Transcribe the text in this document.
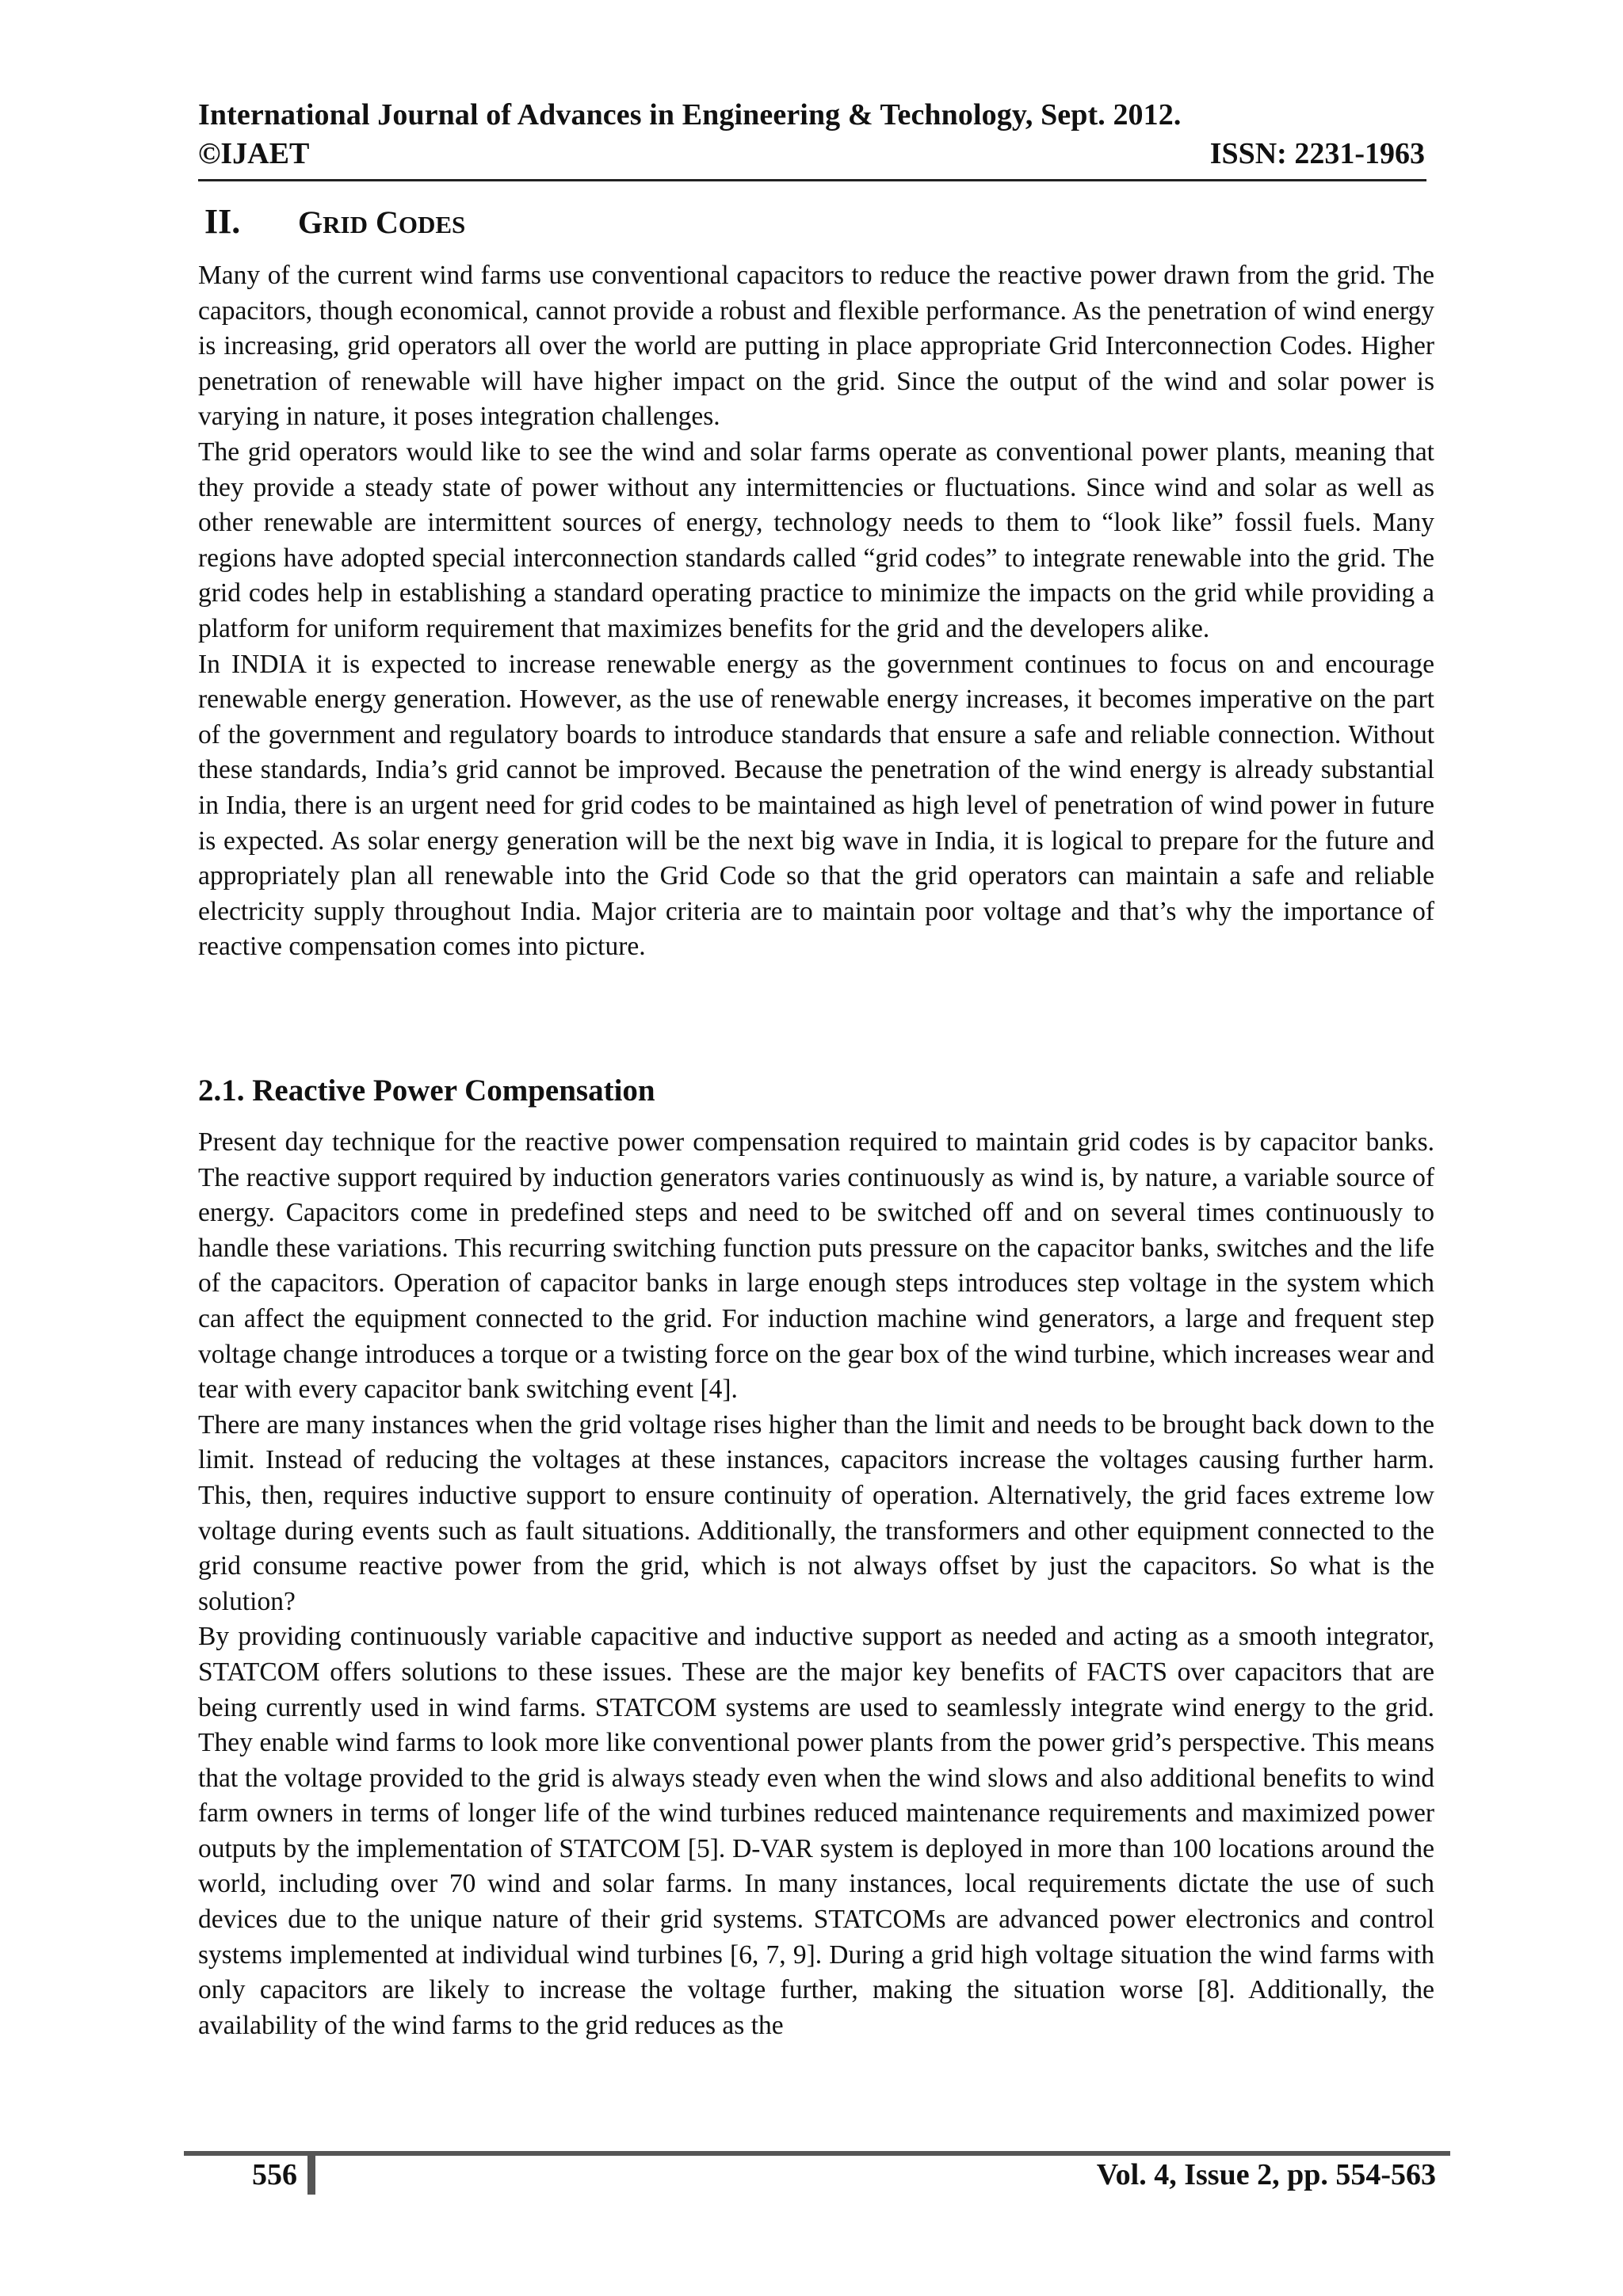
International Journal of Advances in Engineering & Technology, Sept. 2012.
©IJAET	ISSN: 2231-1963
II. GRID CODES

Many of the current wind farms use conventional capacitors to reduce the reactive power drawn from the grid. The capacitors, though economical, cannot provide a robust and flexible performance. As the penetration of wind energy is increasing, grid operators all over the world are putting in place appropriate Grid Interconnection Codes. Higher penetration of renewable will have higher impact on the grid. Since the output of the wind and solar power is varying in nature, it poses integration challenges.

The grid operators would like to see the wind and solar farms operate as conventional power plants, meaning that they provide a steady state of power without any intermittencies or fluctuations. Since wind and solar as well as other renewable are intermittent sources of energy, technology needs to them to “look like” fossil fuels. Many regions have adopted special interconnection standards called “grid codes” to integrate renewable into the grid. The grid codes help in establishing a standard operating practice to minimize the impacts on the grid while providing a platform for uniform requirement that maximizes benefits for the grid and the developers alike.

In INDIA it is expected to increase renewable energy as the government continues to focus on and encourage renewable energy generation. However, as the use of renewable energy increases, it becomes imperative on the part of the government and regulatory boards to introduce standards that ensure a safe and reliable connection. Without these standards, India’s grid cannot be improved. Because the penetration of the wind energy is already substantial in India, there is an urgent need for grid codes to be maintained as high level of penetration of wind power in future is expected. As solar energy generation will be the next big wave in India, it is logical to prepare for the future and appropriately plan all renewable into the Grid Code so that the grid operators can maintain a safe and reliable electricity supply throughout India. Major criteria are to maintain poor voltage and that’s why the importance of reactive compensation comes into picture.

2.1. Reactive Power Compensation

Present day technique for the reactive power compensation required to maintain grid codes is by capacitor banks. The reactive support required by induction generators varies continuously as wind is, by nature, a variable source of energy. Capacitors come in predefined steps and need to be switched off and on several times continuously to handle these variations. This recurring switching function puts pressure on the capacitor banks, switches and the life of the capacitors. Operation of capacitor banks in large enough steps introduces step voltage in the system which can affect the equipment connected to the grid. For induction machine wind generators, a large and frequent step voltage change introduces a torque or a twisting force on the gear box of the wind turbine, which increases wear and tear with every capacitor bank switching event [4].

There are many instances when the grid voltage rises higher than the limit and needs to be brought back down to the limit. Instead of reducing the voltages at these instances, capacitors increase the voltages causing further harm. This, then, requires inductive support to ensure continuity of operation. Alternatively, the grid faces extreme low voltage during events such as fault situations. Additionally, the transformers and other equipment connected to the grid consume reactive power from the grid, which is not always offset by just the capacitors. So what is the solution?

By providing continuously variable capacitive and inductive support as needed and acting as a smooth integrator, STATCOM offers solutions to these issues. These are the major key benefits of FACTS over capacitors that are being currently used in wind farms. STATCOM systems are used to seamlessly integrate wind energy to the grid. They enable wind farms to look more like conventional power plants from the power grid’s perspective. This means that the voltage provided to the grid is always steady even when the wind slows and also additional benefits to wind farm owners in terms of longer life of the wind turbines reduced maintenance requirements and maximized power outputs by the implementation of STATCOM [5]. D-VAR system is deployed in more than 100 locations around the world, including over 70 wind and solar farms. In many instances, local requirements dictate the use of such devices due to the unique nature of their grid systems. STATCOMs are advanced power electronics and control systems implemented at individual wind turbines [6, 7, 9]. During a grid high voltage situation the wind farms with only capacitors are likely to increase the voltage further, making the situation worse [8]. Additionally, the availability of the wind farms to the grid reduces as the

556	Vol. 4, Issue 2, pp. 554-563
